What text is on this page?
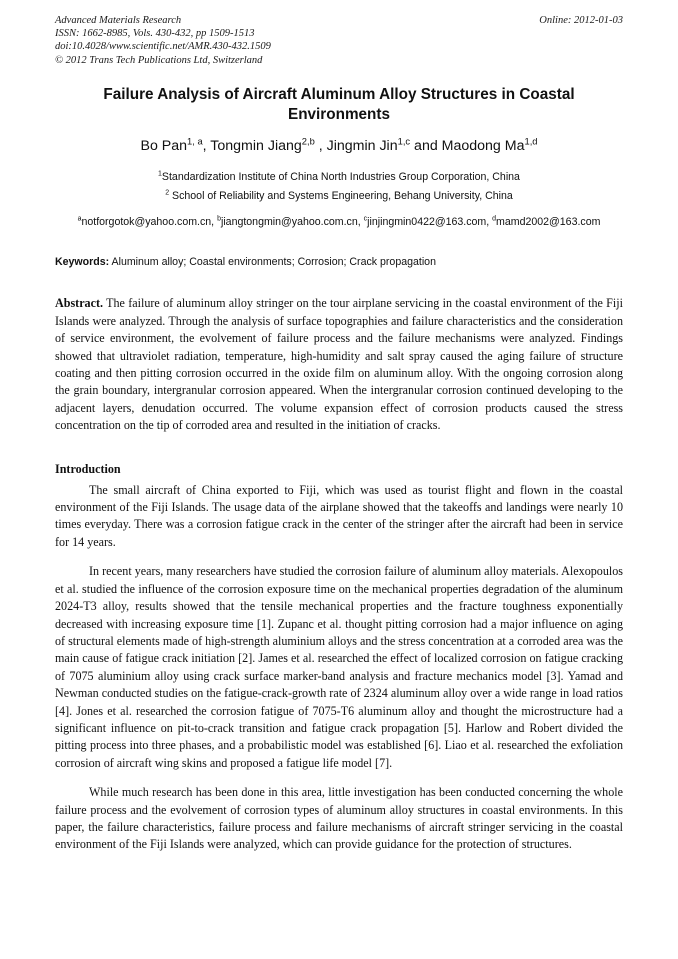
Advanced Materials Research
ISSN: 1662-8985, Vols. 430-432, pp 1509-1513
doi:10.4028/www.scientific.net/AMR.430-432.1509
© 2012 Trans Tech Publications Ltd, Switzerland
Online: 2012-01-03
Failure Analysis of Aircraft Aluminum Alloy Structures in Coastal Environments
Bo Pan$^{1, a}$, Tongmin Jiang$^{2,b}$ , Jingmin Jin$^{1,c}$ and Maodong Ma$^{1,d}$
$^1$Standardization Institute of China North Industries Group Corporation, China
$^2$ School of Reliability and Systems Engineering, Behang University, China
$^a$notforgotok@yahoo.com.cn, $^b$jiangtongmin@yahoo.com.cn, $^c$jinjingmin0422@163.com, $^d$mamd2002@163.com
Keywords: Aluminum alloy; Coastal environments; Corrosion; Crack propagation
Abstract. The failure of aluminum alloy stringer on the tour airplane servicing in the coastal environment of the Fiji Islands were analyzed. Through the analysis of surface topographies and failure characteristics and the consideration of service environment, the evolvement of failure process and the failure mechanisms were analyzed. Findings showed that ultraviolet radiation, temperature, high-humidity and salt spray caused the aging failure of structure coating and then pitting corrosion occurred in the oxide film on aluminum alloy. With the ongoing corrosion along the grain boundary, intergranular corrosion appeared. When the intergranular corrosion continued developing to the adjacent layers, denudation occurred. The volume expansion effect of corrosion products caused the stress concentration on the tip of corroded area and resulted in the initiation of cracks.
Introduction

The small aircraft of China exported to Fiji, which was used as tourist flight and flown in the coastal environment of the Fiji Islands. The usage data of the airplane showed that the takeoffs and landings were nearly 10 times everyday. There was a corrosion fatigue crack in the center of the stringer after the aircraft had been in service for 14 years.

In recent years, many researchers have studied the corrosion failure of aluminum alloy materials. Alexopoulos et al. studied the influence of the corrosion exposure time on the mechanical properties degradation of the aluminum 2024-T3 alloy, results showed that the tensile mechanical properties and the fracture toughness exponentially decreased with increasing exposure time [1]. Zupanc et al. thought pitting corrosion had a major influence on aging of structural elements made of high-strength aluminium alloys and the stress concentration at a corroded area was the main cause of fatigue crack initiation [2]. James et al. researched the effect of localized corrosion on fatigue cracking of 7075 aluminium alloy using crack surface marker-band analysis and fracture mechanics model [3]. Yamad and Newman conducted studies on the fatigue-crack-growth rate of 2324 aluminum alloy over a wide range in load ratios [4]. Jones et al. researched the corrosion fatigue of 7075-T6 aluminum alloy and thought the microstructure had a significant influence on pit-to-crack transition and fatigue crack propagation [5]. Harlow and Robert divided the pitting process into three phases, and a probabilistic model was established [6]. Liao et al. researched the exfoliation corrosion of aircraft wing skins and proposed a fatigue life model [7].

While much research has been done in this area, little investigation has been conducted concerning the whole failure process and the evolvement of corrosion types of aluminum alloy structures in coastal environments. In this paper, the failure characteristics, failure process and failure mechanisms of aircraft stringer servicing in the coastal environment of the Fiji Islands were analyzed, which can provide guidance for the protection of structures.
